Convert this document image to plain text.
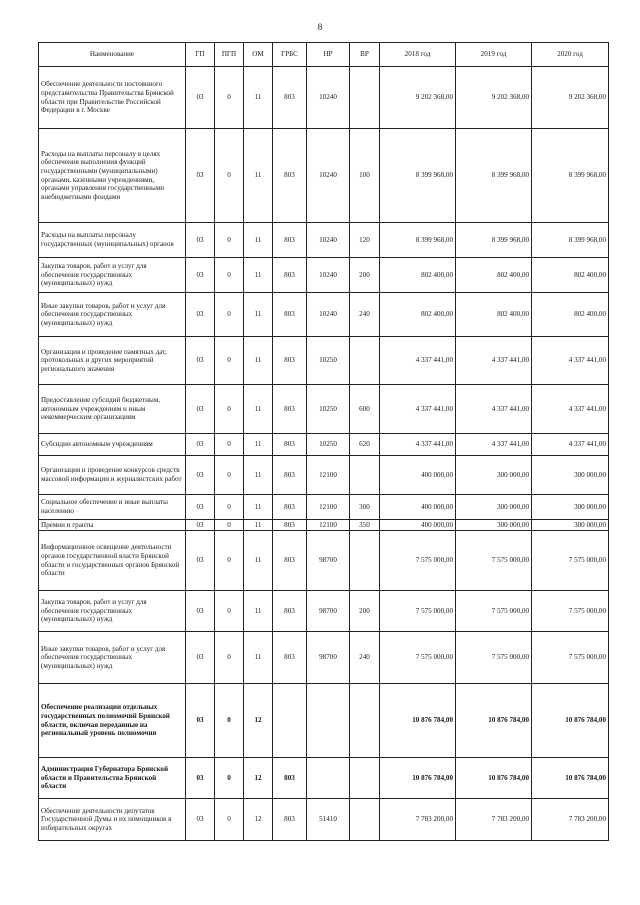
8
Наименование	ГП	ПГП	ОМ	ГРБС	НР	ВР	2018 год	2019 год	2020 год
Обеспечение деятельности постоянного представительства Правительства Брянской области при Правительстве Российской Федерации в г. Москве	03	0	11	803	10240		9 202 368,00	9 202 368,00	9 202 368,00
Расходы на выплаты персоналу в целях обеспечения выполнения функций государственными (муниципальными) органами, казенными учреждениями, органами управления государственными внебюджетными фондами	03	0	11	803	10240	100	8 399 968,00	8 399 968,00	8 399 968,00
Расходы на выплаты персоналу государственных (муниципальных) органов	03	0	11	803	10240	120	8 399 968,00	8 399 968,00	8 399 968,00
Закупка товаров, работ и услуг для обеспечения государственных (муниципальных) нужд	03	0	11	803	10240	200	802 400,00	802 400,00	802 400,00
Иные закупки товаров, работ и услуг для обеспечения государственных (муниципальных) нужд	03	0	11	803	10240	240	802 400,00	802 400,00	802 400,00
Организация и проведение памятных дат, протокольных и других мероприятий регионального значения	03	0	11	803	10250		4 337 441,00	4 337 441,00	4 337 441,00
Предоставление субсидий бюджетным, автономным учреждениям и иным некоммерческим организациям	03	0	11	803	10250	600	4 337 441,00	4 337 441,00	4 337 441,00
Субсидии автономным учреждениям	03	0	11	803	10250	620	4 337 441,00	4 337 441,00	4 337 441,00
Организация и проведение конкурсов средств массовой информации и журналистских работ	03	0	11	803	12100		400 000,00	300 000,00	300 000,00
Социальное обеспечение и иные выплаты населению	03	0	11	803	12100	300	400 000,00	300 000,00	300 000,00
Премии и гранты	03	0	11	803	12100	350	400 000,00	300 000,00	300 000,00
Информационное освещение деятельности органов государственной власти Брянской области и государственных органов Брянской области	03	0	11	803	98700		7 575 000,00	7 575 000,00	7 575 000,00
Закупка товаров, работ и услуг для обеспечения государственных (муниципальных) нужд	03	0	11	803	98700	200	7 575 000,00	7 575 000,00	7 575 000,00
Иные закупки товаров, работ и услуг для обеспечения государственных (муниципальных) нужд	03	0	11	803	98700	240	7 575 000,00	7 575 000,00	7 575 000,00
Обеспечение реализации отдельных государственных полномочий Брянской области, включая переданные на региональный уровень полномочия	03	0	12				10 876 784,00	10 876 784,00	10 876 784,00
Администрация Губернатора Брянской области и Правительства Брянской области	03	0	12	803			10 876 784,00	10 876 784,00	10 876 784,00
Обеспечение деятельности депутатов Государственной Думы и их помощников в избирательных округах	03	0	12	803	51410		7 783 200,00	7 783 200,00	7 783 200,00
